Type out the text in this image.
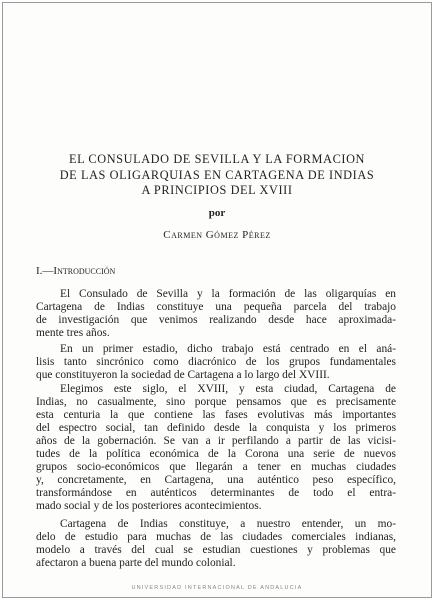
EL CONSULADO DE SEVILLA Y LA FORMACION
DE LAS OLIGARQUIAS EN CARTAGENA DE INDIAS
A PRINCIPIOS DEL XVIII
por
Carmen Gómez Pérez
I.—Introducción
El Consulado de Sevilla y la formación de las oligarquías en
Cartagena de Indias constituye una pequeña parcela del trabajo
de investigación que venimos realizando desde hace aproximada-
mente tres años.
En un primer estadio, dicho trabajo está centrado en el aná-
lisis tanto sincrónico como diacrónico de los grupos fundamentales
que constituyeron la sociedad de Cartagena a lo largo del XVIII.
Elegimos este siglo, el XVIII, y esta ciudad, Cartagena de
Indias, no casualmente, sino porque pensamos que es precisamente
esta centuria la que contiene las fases evolutivas más importantes
del espectro social, tan definido desde la conquista y los primeros
años de la gobernación. Se van a ir perfilando a partir de las vicisi-
tudes de la política económica de la Corona una serie de nuevos
grupos socio-económicos que llegarán a tener en muchas ciudades
y, concretamente, en Cartagena, una auténtico peso específico,
transformándose en auténticos determinantes de todo el entra-
mado social y de los posteriores acontecimientos.
Cartagena de Indias constituye, a nuestro entender, un mo-
delo de estudio para muchas de las ciudades comerciales indianas,
modelo a través del cual se estudian cuestiones y problemas que
afectaron a buena parte del mundo colonial.
UNIVERSIDAD INTERNACIONAL DE ANDALUCIA
